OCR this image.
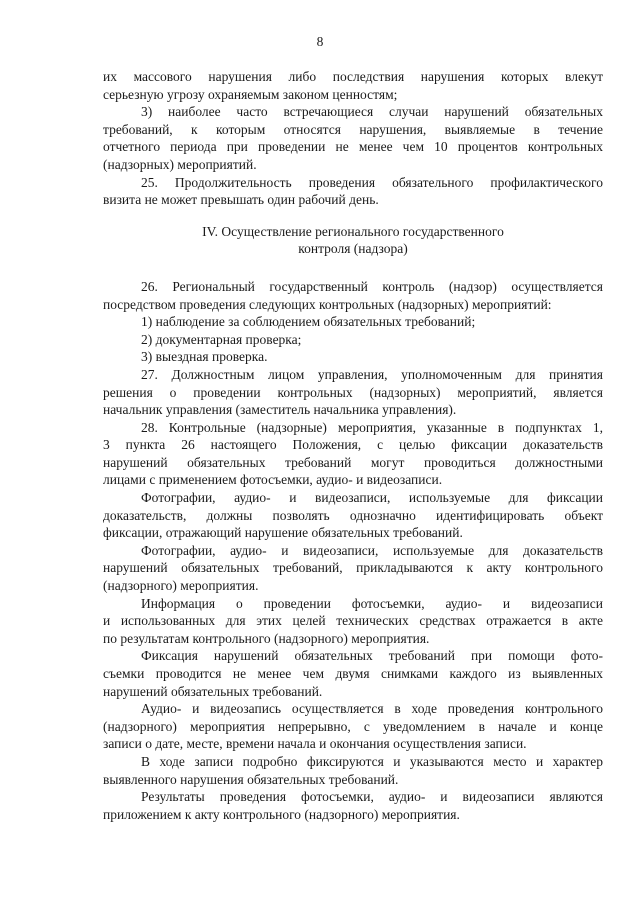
8

их массового нарушения либо последствия нарушения которых влекут

серьезную угрозу охраняемым законом ценностям;

3) наиболее часто встречающиеся случаи нарушений обязательных

требований, к которым относятся нарушения, выявляемые в течение

отчетного периода при проведении не менее чем 10 процентов контрольных

(надзорных) мероприятий.

25. Продолжительность проведения обязательного профилактического

визита не может превышать один рабочий день.

IV. Осуществление регионального государственного

контроля (надзора)

26. Региональный государственный контроль (надзор) осуществляется

посредством проведения следующих контрольных (надзорных) мероприятий:

1) наблюдение за соблюдением обязательных требований;

2) документарная проверка;

3) выездная проверка.

27. Должностным лицом управления, уполномоченным для принятия

решения о проведении контрольных (надзорных) мероприятий, является

начальник управления (заместитель начальника управления).

28. Контрольные (надзорные) мероприятия, указанные в подпунктах 1,

3 пункта 26 настоящего Положения, с целью фиксации доказательств

нарушений обязательных требований могут проводиться должностными

лицами с применением фотосъемки, аудио- и видеозаписи.

Фотографии, аудио- и видеозаписи, используемые для фиксации

доказательств, должны позволять однозначно идентифицировать объект

фиксации, отражающий нарушение обязательных требований.

Фотографии, аудио- и видеозаписи, используемые для доказательств

нарушений обязательных требований, прикладываются к акту контрольного

(надзорного) мероприятия.

Информация о проведении фотосъемки, аудио- и видеозаписи

и использованных для этих целей технических средствах отражается в акте

по результатам контрольного (надзорного) мероприятия.

Фиксация нарушений обязательных требований при помощи фото-

съемки проводится не менее чем двумя снимками каждого из выявленных

нарушений обязательных требований.

Аудио- и видеозапись осуществляется в ходе проведения контрольного

(надзорного) мероприятия непрерывно, с уведомлением в начале и конце

записи о дате, месте, времени начала и окончания осуществления записи.

В ходе записи подробно фиксируются и указываются место и характер

выявленного нарушения обязательных требований.

Результаты проведения фотосъемки, аудио- и видеозаписи являются

приложением к акту контрольного (надзорного) мероприятия.
